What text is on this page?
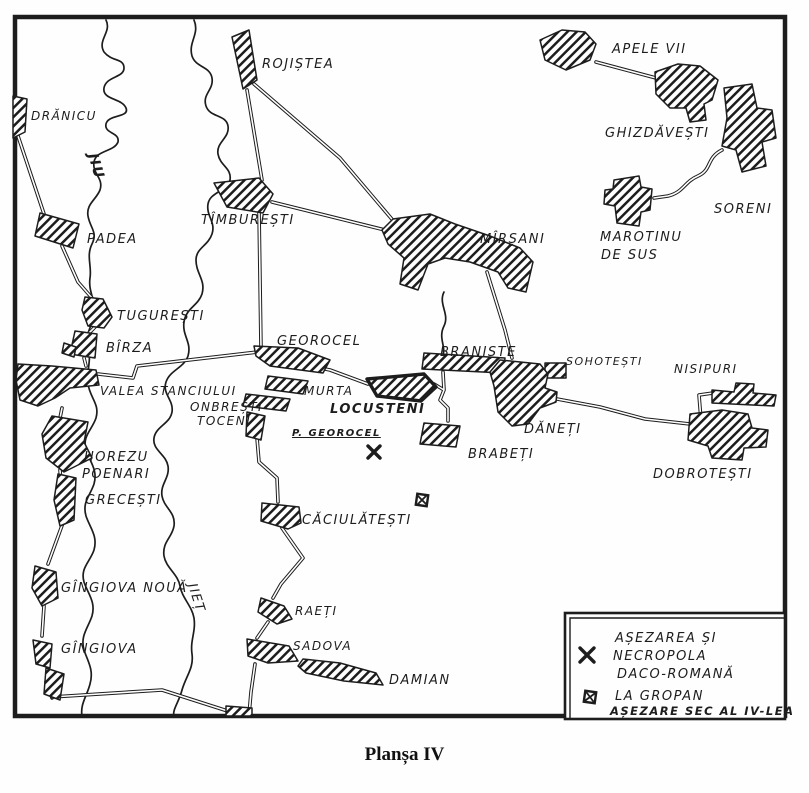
ROJIȘTEA
DRĂNICU
JIU
PADEA
TÎMBUREȘTI
MÎRȘANI
APELE VII
GHIZDĂVEȘTI
SORENI
MAROTINU
DE SUS
TUGUREȘTI
BÎRZA	GEOROCEL
BRANIȘTE
SOHOTEȘTI
NISIPURI
VALEA STANCIULUI	MURTA
LOCUSTENI
ONBREȘTI
TOCENI
P. GEOROCEL	DĂNEȚI
BRABEȚI
DOBROTEȘTI
HOREZU
POENARI
GRECEȘTI
CĂCIULĂTEȘTI
GÎNGIOVA NOUĂ
JIEȚ
GÎNGIOVA
RAEȚI
SADOVA
DAMIAN
AȘEZAREA ȘI
NECROPOLA
DACO-ROMANĂ
LA GROPAN
AȘEZARE SEC AL IV-LEA
Planșa IV
